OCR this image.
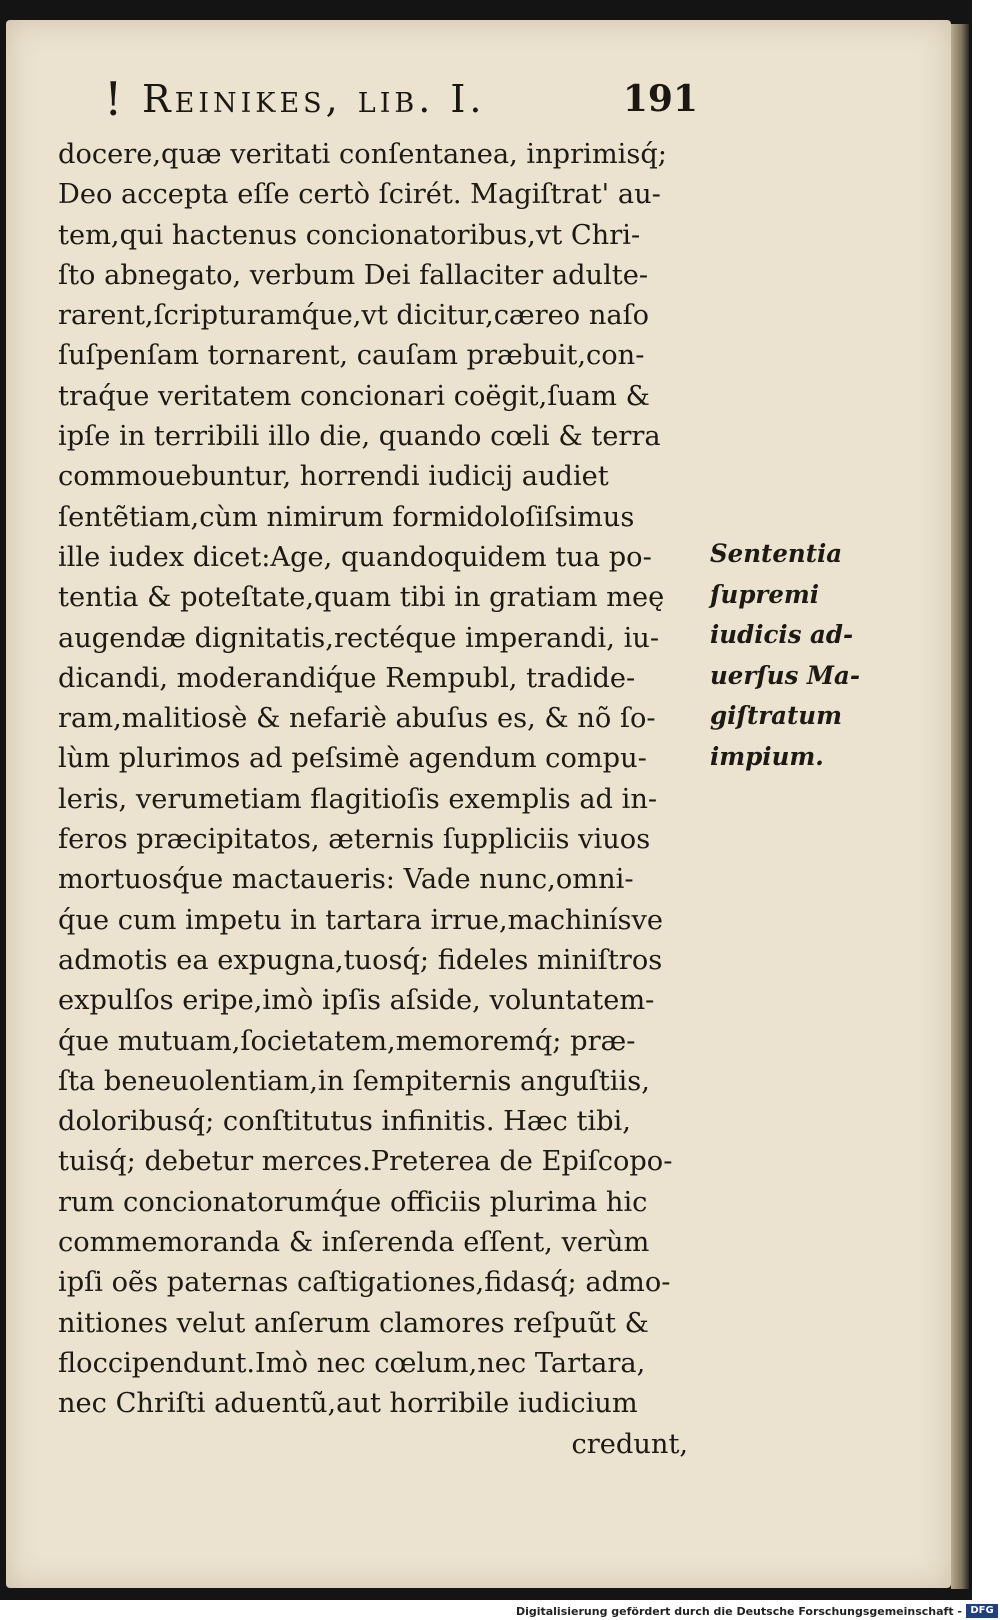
! Reinikes, lib. I.	191
docere,quæ veritati conſentanea, inprimisq́;
Deo accepta eſſe certò ſcirét. Magiſtrat' au-
tem,qui hactenus concionatoribus,vt Chri-
ſto abnegato, verbum Dei fallaciter adulte-
rarent,ſcripturamq́ue,vt dicitur,cæreo naſo
ſuſpenſam tornarent, cauſam præbuit,con-
traq́ue veritatem concionari coëgit,ſuam &
ipſe in terribili illo die, quando cœli & terra
commouebuntur, horrendi iudicij audiet
ſentẽtiam,cùm nimirum formidoloſiſsimus
ille iudex dicet:Age, quandoquidem tua po-
tentia & poteſtate,quam tibi in gratiam meę
augendæ dignitatis,rectéque imperandi, iu-
dicandi, moderandiq́ue Rempubl, tradide-
ram,malitiosè & nefariè abuſus es, & nõ ſo-
lùm plurimos ad peſsimè agendum compu-
leris, verumetiam flagitioſis exemplis ad in-
feros præcipitatos, æternis ſuppliciis viuos
mortuosq́ue mactaueris: Vade nunc,omni-
q́ue cum impetu in tartara irrue,machinísve
admotis ea expugna,tuosq́; fideles miniſtros
expulſos eripe,imò ipſis aſside, voluntatem-
q́ue mutuam,ſocietatem,memoremq́; præ-
ſta beneuolentiam,in ſempiternis anguſtiis,
doloribusq́; conſtitutus infinitis. Hæc tibi,
tuisq́; debetur merces.Preterea de Epiſcopo-
rum concionatorumq́ue officiis plurima hic
commemoranda & inſerenda eſſent, verùm
ipſi oẽs paternas caſtigationes,fidasq́; admo-
nitiones velut anſerum clamores reſpuũt &
floccipendunt.Imò nec cœlum,nec Tartara,
nec Chriſti aduentũ,aut horribile iudicium
credunt,
Sententia
ſupremi
iudicis ad-
uerſus Ma-
giſtratum
impium.
Digitalisierung gefördert durch die Deutsche Forschungsgemeinschaft - DFG
